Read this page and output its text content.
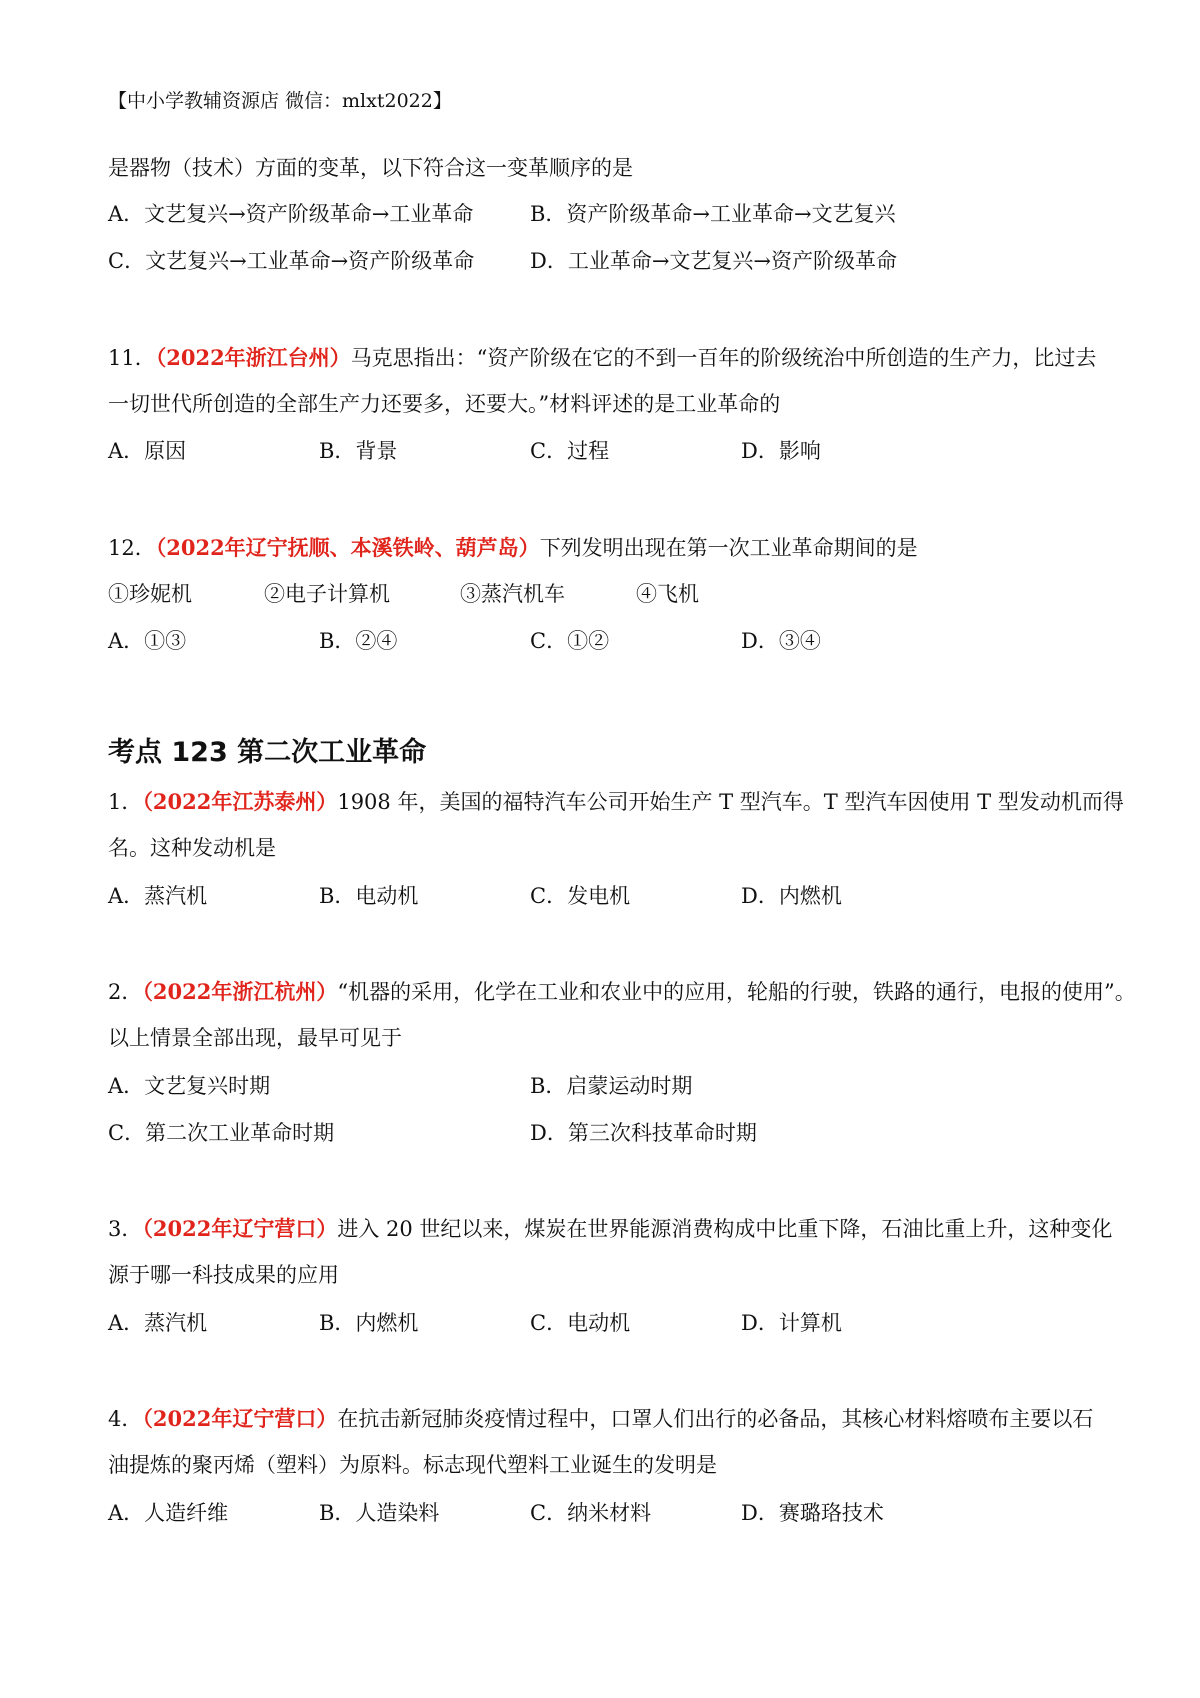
【中小学教辅资源店 微信：mlxt2022】
是器物（技术）方面的变革，以下符合这一变革顺序的是
A．文艺复兴→资产阶级革命→工业革命	B．资产阶级革命→工业革命→文艺复兴
C．文艺复兴→工业革命→资产阶级革命	D．工业革命→文艺复兴→资产阶级革命
11．（2022年浙江台州）马克思指出：“资产阶级在它的不到一百年的阶级统治中所创造的生产力，比过去
一切世代所创造的全部生产力还要多，还要大。”材料评述的是工业革命的
A．原因	B．背景	C．过程	D．影响
12．（2022年辽宁抚顺、本溪铁岭、葫芦岛）下列发明出现在第一次工业革命期间的是
①珍妮机	②电子计算机	③蒸汽机车	④飞机
A．①③	B．②④	C．①②	D．③④
考点 123 第二次工业革命
1．（2022年江苏泰州）1908 年，美国的福特汽车公司开始生产 T 型汽车。T 型汽车因使用 T 型发动机而得
名。这种发动机是
A．蒸汽机	B．电动机	C．发电机	D．内燃机
2．（2022年浙江杭州）“机器的采用，化学在工业和农业中的应用，轮船的行驶，铁路的通行，电报的使用”。
以上情景全部出现，最早可见于
A．文艺复兴时期	B．启蒙运动时期
C．第二次工业革命时期	D．第三次科技革命时期
3．（2022年辽宁营口）进入 20 世纪以来，煤炭在世界能源消费构成中比重下降，石油比重上升，这种变化
源于哪一科技成果的应用
A．蒸汽机	B．内燃机	C．电动机	D．计算机
4．（2022年辽宁营口）在抗击新冠肺炎疫情过程中，口罩人们出行的必备品，其核心材料熔喷布主要以石
油提炼的聚丙烯（塑料）为原料。标志现代塑料工业诞生的发明是
A．人造纤维	B．人造染料	C．纳米材料	D．赛璐珞技术
